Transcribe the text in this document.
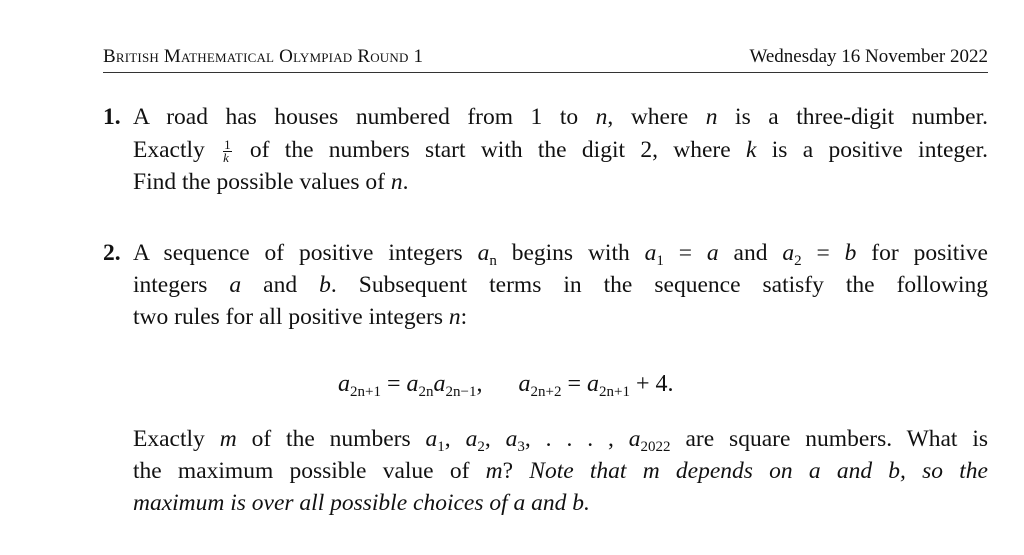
British Mathematical Olympiad Round 1	Wednesday 16 November 2022
1. A road has houses numbered from 1 to n, where n is a three-digit number.
Exactly $\frac{1}{k}$ of the numbers start with the digit 2, where k is a positive integer.
Find the possible values of n.
2. A sequence of positive integers $a_n$ begins with $a_1 = a$ and $a_2 = b$ for positive
integers a and b. Subsequent terms in the sequence satisfy the following
two rules for all positive integers n:
$a_{2n+1} = a_{2n}a_{2n-1}$,      $a_{2n+2} = a_{2n+1} + 4$.
Exactly m of the numbers $a_1$, $a_2$, $a_3$, . . . , $a_{2022}$ are square numbers. What is
the maximum possible value of m? Note that m depends on a and b, so the
maximum is over all possible choices of a and b.
